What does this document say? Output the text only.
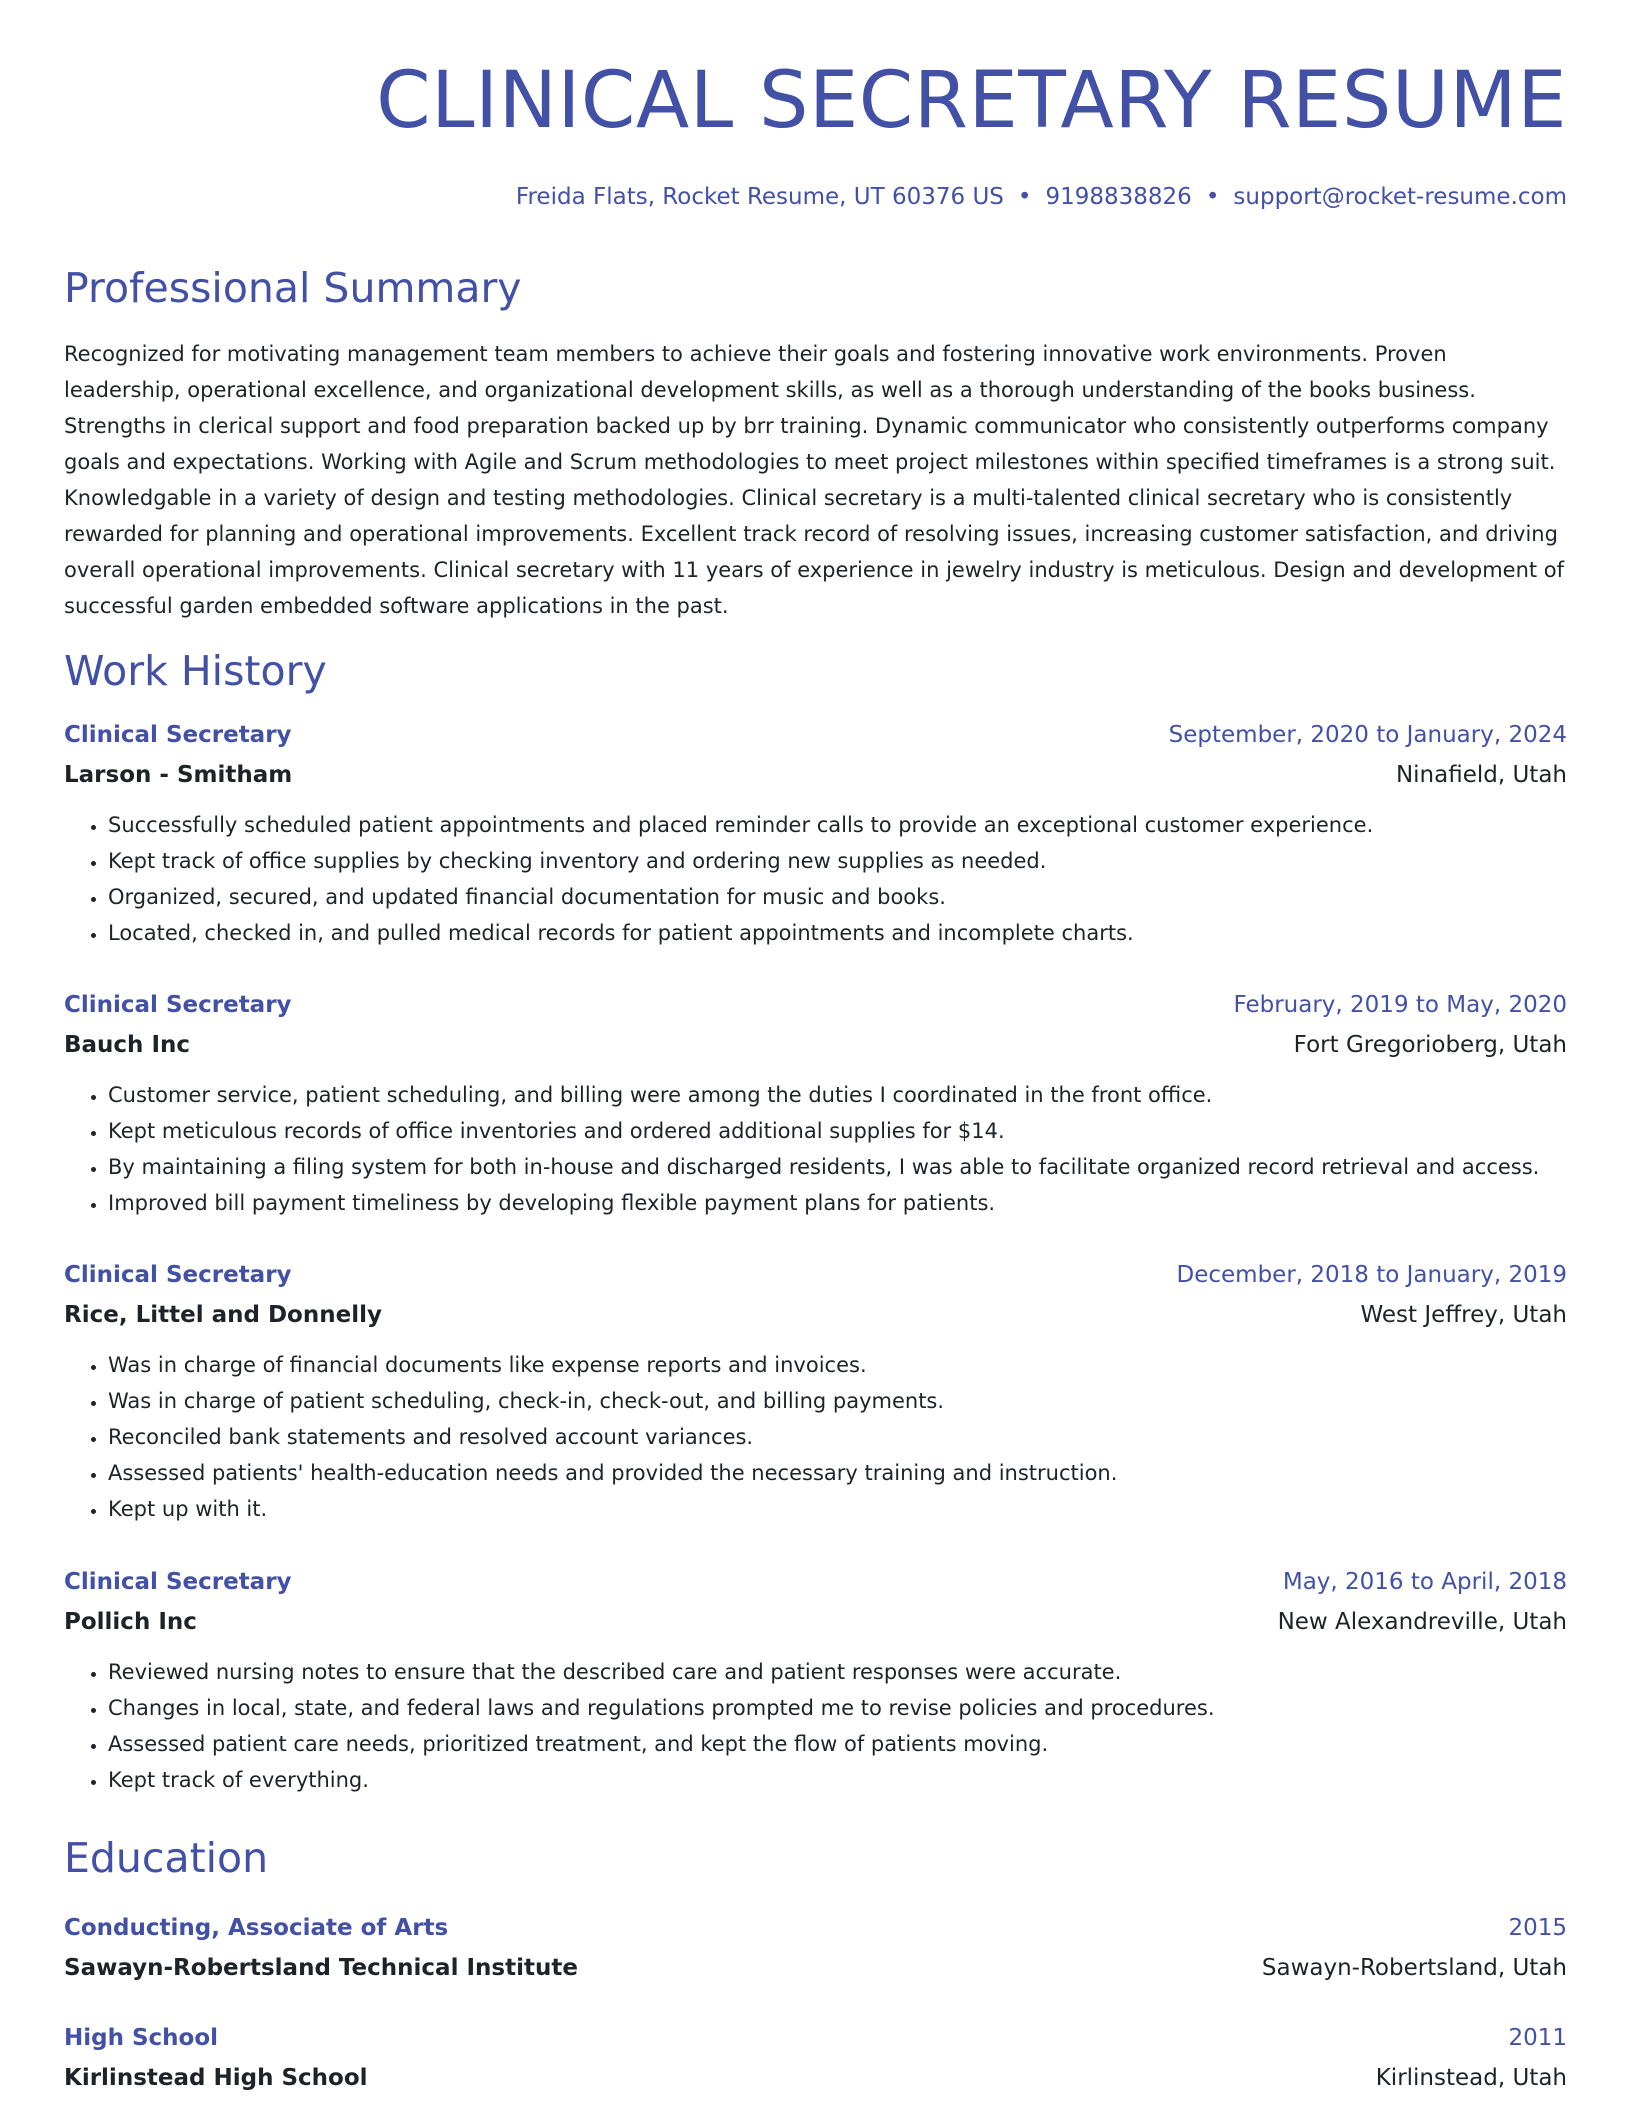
CLINICAL SECRETARY RESUME
Freida Flats, Rocket Resume, UT 60376 US • 9198838826 • support@rocket-resume.com
Professional Summary

Recognized for motivating management team members to achieve their goals and fostering innovative work environments. Proven leadership, operational excellence, and organizational development skills, as well as a thorough understanding of the books business. Strengths in clerical support and food preparation backed up by brr training. Dynamic communicator who consistently outperforms company goals and expectations. Working with Agile and Scrum methodologies to meet project milestones within specified timeframes is a strong suit. Knowledgable in a variety of design and testing methodologies. Clinical secretary is a multi-talented clinical secretary who is consistently rewarded for planning and operational improvements. Excellent track record of resolving issues, increasing customer satisfaction, and driving overall operational improvements. Clinical secretary with 11 years of experience in jewelry industry is meticulous. Design and development of successful garden embedded software applications in the past.

Work History
Clinical Secretary	September, 2020 to January, 2024
Larson - Smitham	Ninafield, Utah
• Successfully scheduled patient appointments and placed reminder calls to provide an exceptional customer experience.
• Kept track of office supplies by checking inventory and ordering new supplies as needed.
• Organized, secured, and updated financial documentation for music and books.
• Located, checked in, and pulled medical records for patient appointments and incomplete charts.
Clinical Secretary	February, 2019 to May, 2020
Bauch Inc	Fort Gregorioberg, Utah
• Customer service, patient scheduling, and billing were among the duties I coordinated in the front office.
• Kept meticulous records of office inventories and ordered additional supplies for $14.
• By maintaining a filing system for both in-house and discharged residents, I was able to facilitate organized record retrieval and access.
• Improved bill payment timeliness by developing flexible payment plans for patients.
Clinical Secretary	December, 2018 to January, 2019
Rice, Littel and Donnelly	West Jeffrey, Utah
• Was in charge of financial documents like expense reports and invoices.
• Was in charge of patient scheduling, check-in, check-out, and billing payments.
• Reconciled bank statements and resolved account variances.
• Assessed patients' health-education needs and provided the necessary training and instruction.
• Kept up with it.
Clinical Secretary	May, 2016 to April, 2018
Pollich Inc	New Alexandreville, Utah
• Reviewed nursing notes to ensure that the described care and patient responses were accurate.
• Changes in local, state, and federal laws and regulations prompted me to revise policies and procedures.
• Assessed patient care needs, prioritized treatment, and kept the flow of patients moving.
• Kept track of everything.
Education
Conducting, Associate of Arts	2015
Sawayn-Robertsland Technical Institute	Sawayn-Robertsland, Utah
High School	2011
Kirlinstead High School	Kirlinstead, Utah
